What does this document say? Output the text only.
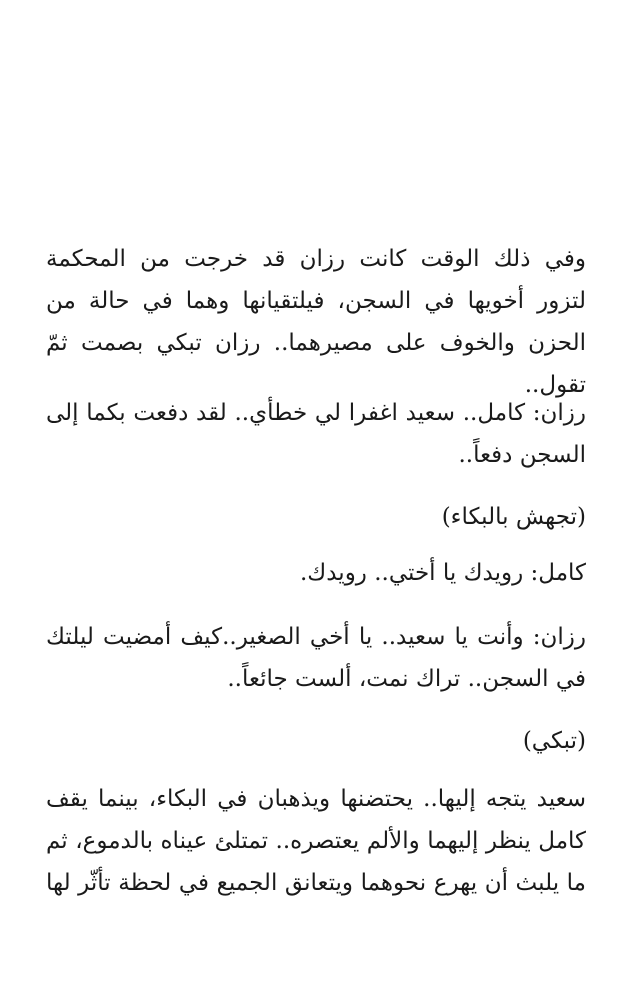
وفي ذلك الوقت كانت رزان قد خرجت من المحكمة لتزور أخويها في السجن، فيلتقيانها وهما في حالة من الحزن والخوف على مصيرهما.. رزان تبكي بصمت ثمّ تقول..

رزان: كامل.. سعيد اغفرا لي خطأي.. لقد دفعت بكما إلى السجن دفعاً..

(تجهش بالبكاء)

كامل: رويدك يا أختي.. رويدك.

رزان: وأنت يا سعيد.. يا أخي الصغير..كيف أمضيت ليلتك في السجن.. تراك نمت، ألست جائعاً..

(تبكي)

سعيد يتجه إليها.. يحتضنها ويذهبان في البكاء، بينما يقف كامل ينظر إليهما والألم يعتصره.. تمتلئ عيناه بالدموع، ثم ما يلبث أن يهرع نحوهما ويتعانق الجميع في لحظة تأثّر لها
